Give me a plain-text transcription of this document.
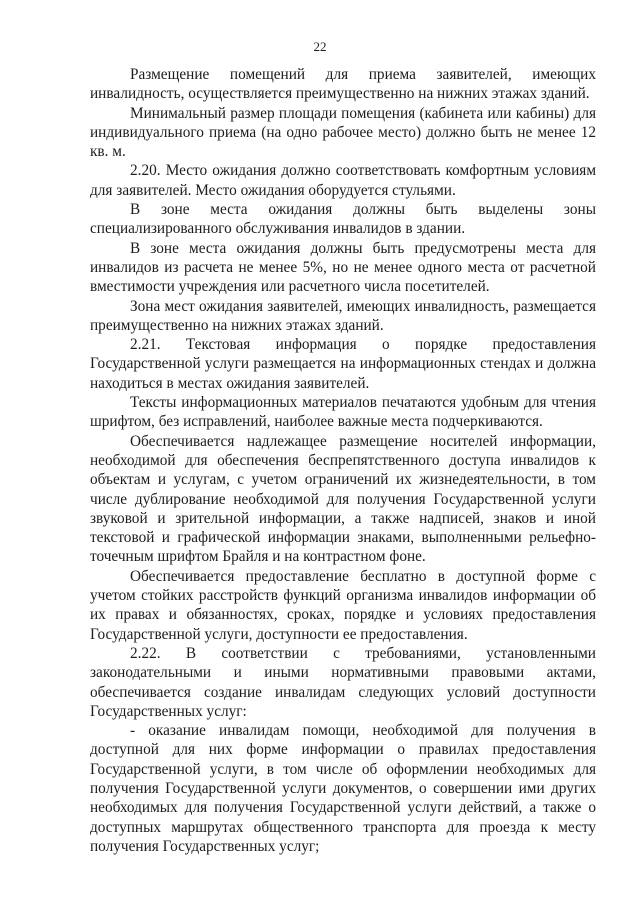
22

Размещение помещений для приема заявителей, имеющих инвалидность, осуществляется преимущественно на нижних этажах зданий.

Минимальный размер площади помещения (кабинета или кабины) для индивидуального приема (на одно рабочее место) должно быть не менее 12 кв. м.

2.20. Место ожидания должно соответствовать комфортным условиям для заявителей. Место ожидания оборудуется стульями.

В зоне места ожидания должны быть выделены зоны специализированного обслуживания инвалидов в здании.

В зоне места ожидания должны быть предусмотрены места для инвалидов из расчета не менее 5%, но не менее одного места от расчетной вместимости учреждения или расчетного числа посетителей.

Зона мест ожидания заявителей, имеющих инвалидность, размещается преимущественно на нижних этажах зданий.

2.21. Текстовая информация о порядке предоставления Государственной услуги размещается на информационных стендах и должна находиться в местах ожидания заявителей.

Тексты информационных материалов печатаются удобным для чтения шрифтом, без исправлений, наиболее важные места подчеркиваются.

Обеспечивается надлежащее размещение носителей информации, необходимой для обеспечения беспрепятственного доступа инвалидов к объектам и услугам, с учетом ограничений их жизнедеятельности, в том числе дублирование необходимой для получения Государственной услуги звуковой и зрительной информации, а также надписей, знаков и иной текстовой и графической информации знаками, выполненными рельефно-точечным шрифтом Брайля и на контрастном фоне.

Обеспечивается предоставление бесплатно в доступной форме с учетом стойких расстройств функций организма инвалидов информации об их правах и обязанностях, сроках, порядке и условиях предоставления Государственной услуги, доступности ее предоставления.

2.22. В соответствии с требованиями, установленными законодательными и иными нормативными правовыми актами, обеспечивается создание инвалидам следующих условий доступности Государственных услуг:

- оказание инвалидам помощи, необходимой для получения в доступной для них форме информации о правилах предоставления Государственной услуги, в том числе об оформлении необходимых для получения Государственной услуги документов, о совершении ими других необходимых для получения Государственной услуги действий, а также о доступных маршрутах общественного транспорта для проезда к месту получения Государственных услуг;
